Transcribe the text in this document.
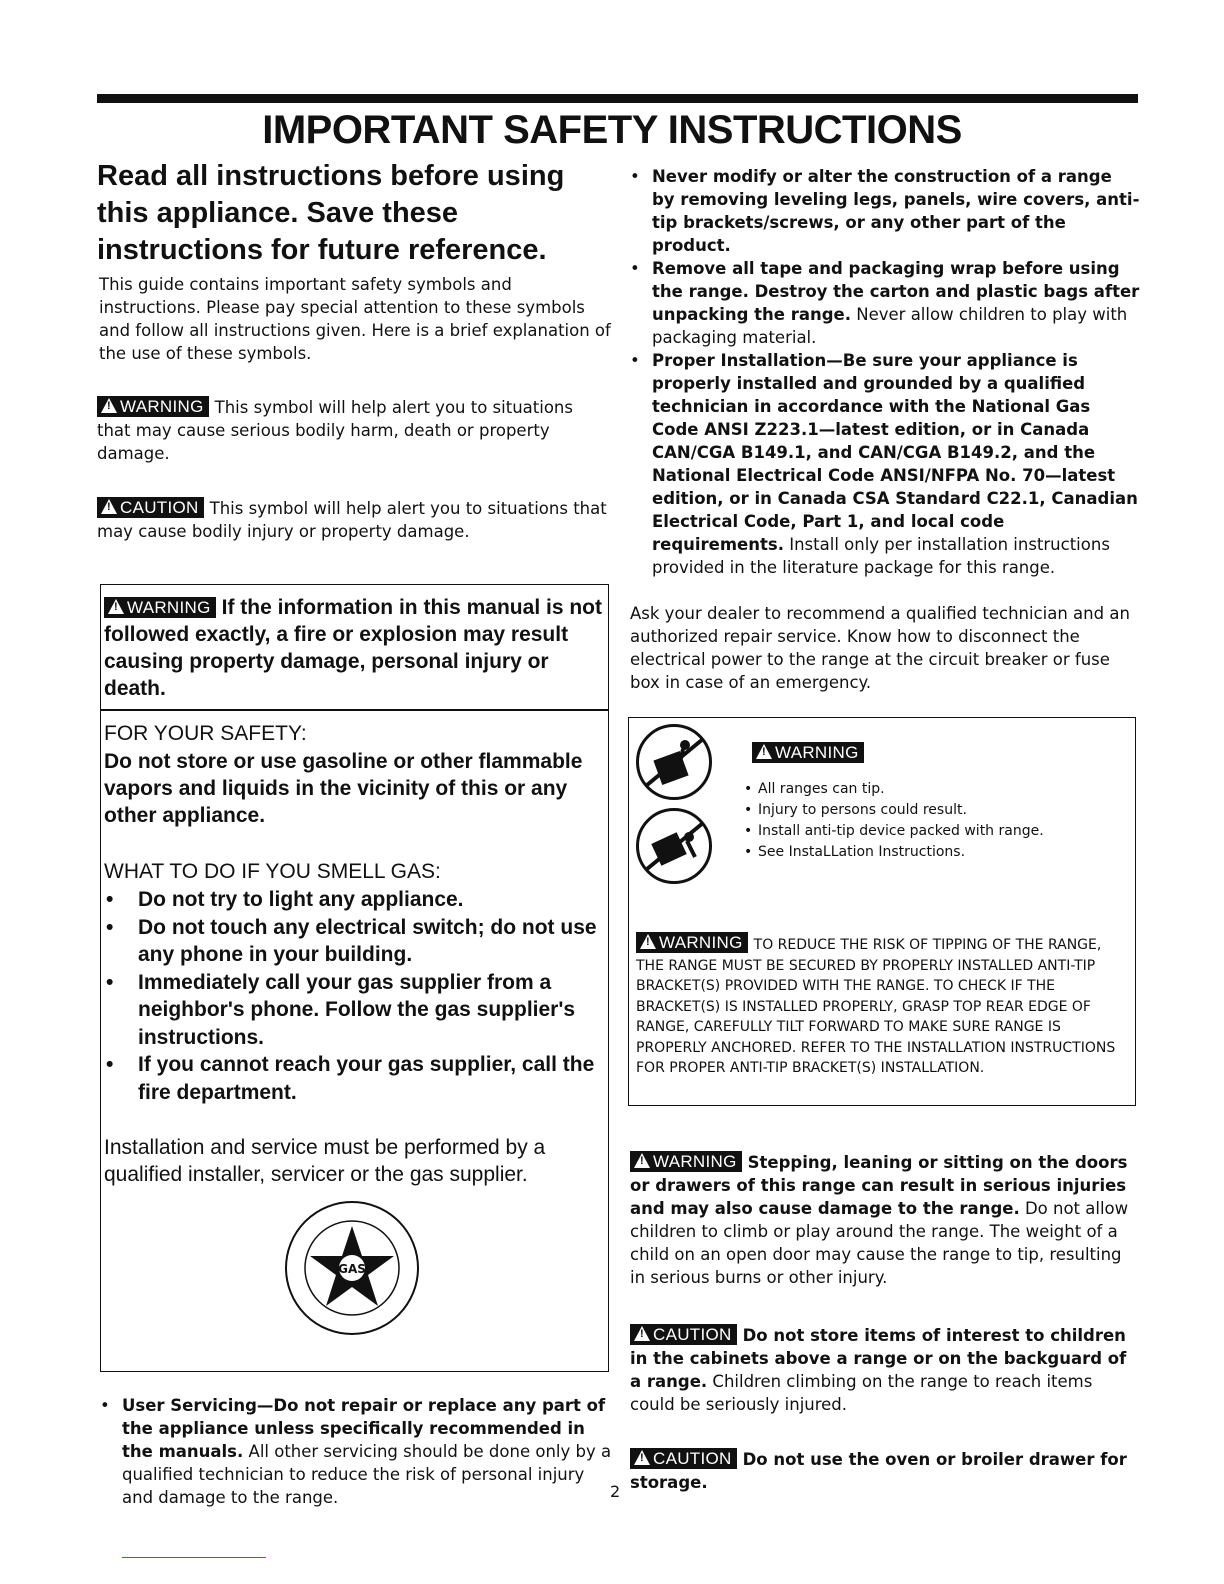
IMPORTANT SAFETY INSTRUCTIONS
Read all instructions before using this appliance. Save these instructions for future reference.
This guide contains important safety symbols and instructions. Please pay special attention to these symbols and follow all instructions given. Here is a brief explanation of the use of these symbols.
!WARNING This symbol will help alert you to situations that may cause serious bodily harm, death or property damage.
!CAUTION This symbol will help alert you to situations that may cause bodily injury or property damage.
!WARNING If the information in this manual is not followed exactly, a fire or explosion may result causing property damage, personal injury or death.
FOR YOUR SAFETY:
Do not store or use gasoline or other flammable vapors and liquids in the vicinity of this or any other appliance.
WHAT TO DO IF YOU SMELL GAS:
• Do not try to light any appliance.
• Do not touch any electrical switch; do not use any phone in your building.
• Immediately call your gas supplier from a neighbor's phone. Follow the gas supplier's instructions.
• If you cannot reach your gas supplier, call the fire department.
Installation and service must be performed by a qualified installer, servicer or the gas supplier.
GAS
• User Servicing—Do not repair or replace any part of the appliance unless specifically recommended in the manuals. All other servicing should be done only by a qualified technician to reduce the risk of personal injury and damage to the range.
• Never modify or alter the construction of a range by removing leveling legs, panels, wire covers, anti-tip brackets/screws, or any other part of the product.
• Remove all tape and packaging wrap before using the range. Destroy the carton and plastic bags after unpacking the range. Never allow children to play with packaging material.
• Proper Installation—Be sure your appliance is properly installed and grounded by a qualified technician in accordance with the National Gas Code ANSI Z223.1—latest edition, or in Canada CAN/CGA B149.1, and CAN/CGA B149.2, and the National Electrical Code ANSI/NFPA No. 70—latest edition, or in Canada CSA Standard C22.1, Canadian Electrical Code, Part 1, and local code requirements. Install only per installation instructions provided in the literature package for this range.
Ask your dealer to recommend a qualified technician and an authorized repair service. Know how to disconnect the electrical power to the range at the circuit breaker or fuse box in case of an emergency.
!WARNING
• All ranges can tip.
• Injury to persons could result.
• Install anti-tip device packed with range.
• See InstaLLation Instructions.
!WARNING TO REDUCE THE RISK OF TIPPING OF THE RANGE, THE RANGE MUST BE SECURED BY PROPERLY INSTALLED ANTI-TIP BRACKET(S) PROVIDED WITH THE RANGE. TO CHECK IF THE BRACKET(S) IS INSTALLED PROPERLY, GRASP TOP REAR EDGE OF RANGE, CAREFULLY TILT FORWARD TO MAKE SURE RANGE IS PROPERLY ANCHORED. REFER TO THE INSTALLATION INSTRUCTIONS FOR PROPER ANTI-TIP BRACKET(S) INSTALLATION.
!WARNING Stepping, leaning or sitting on the doors or drawers of this range can result in serious injuries and may also cause damage to the range. Do not allow children to climb or play around the range. The weight of a child on an open door may cause the range to tip, resulting in serious burns or other injury.
!CAUTION Do not store items of interest to children in the cabinets above a range or on the backguard of a range. Children climbing on the range to reach items could be seriously injured.
!CAUTION Do not use the oven or broiler drawer for storage.
2
